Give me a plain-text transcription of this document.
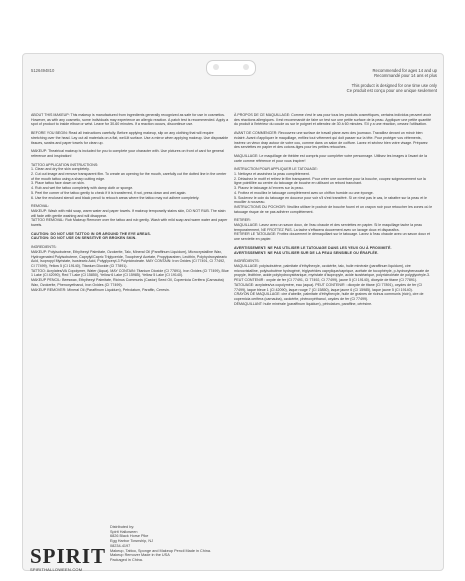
5126494810	Recommended for ages 14 and up
Recommandé pour 14 ans et plus
This product is designed for one time use only
Ce produit est conçu pour une unique seulement

ABOUT THIS MAKEUP: This makeup is manufactured from ingredients generally recognized as safe for use in cosmetics. However, as with any cosmetic, some individuals may experience an allergic reaction. A patch test is recommended. Apply a spot of product to inside elbow or wrist. Leave for 30-60 minutes. If a reaction occurs, discontinue use.

BEFORE YOU BEGIN: Read all instructions carefully. Before applying makeup, slip on any clothing that will require stretching over the head. Lay out all materials on a flat, well-lit surface. Use a mirror when applying makeup. Use disposable tissues, swabs and paper towels for clean up.

MAKEUP: Theatrical makeup is included for you to complete your character with. Use pictures on front of card for general reference and inspiration!

TATTOO APPLICATION INSTRUCTIONS:
1. Clean and dry the skin completely.
2. Cut out image and remove transparent film. To create an opening for the mouth, carefully cut the dotted line in the center of the mouth tattoo using a sharp cutting edge.
3. Place tattoo face down on skin.
4. Rub and wet the tattoo completely with damp cloth or sponge.
5. Peel the corner of the tattoo gently to check if it is transferred, if not, press down and wet again.
6. Use the enclosed stencil and black pencil to retouch areas where the tattoo may not adhere completely.

REMOVAL:
MAKEUP: Wash with mild soap, warm water and paper towels. If makeup temporarily stains skin, DO NOT RUB. The stain will fade with gentle washing and will disappear.
TATTOO REMOVAL: Rub Makeup Remover over the tattoo and rub gently. Wash with mild soap and warm water and paper towels.

CAUTION: DO NOT USE TATTOO IN OR AROUND THE EYE AREAS.
CAUTION: DO NOT USE ON SENSITIVE OR BROKEN SKIN.

INGREDIENTS:
MAKEUP: Polyisobutene, Ethylhexyl Palmitate, Ozokerite, Talc, Mineral Oil (Paraffinum Liquidum), Microcrystalline Wax, Hydrogenated Polyisobutene, Caprylyl/Capric Triglyceride, Tocopheryl Acetate, Propylparaben, Lecithin, Polyhydroxystearic Acid, Isopropyl Myristate, Isostearic Acid, Polyglyceryl-3 Polyricinoleate. MAY CONTAIN: Iron Oxides (CI 77491, CI 77492, CI 77499), Yellow 5 (CI 19140), Titanium Dioxide (CI 77891).
TATTOO: Acrylates/VA Copolymer, Water (Aqua). MAY CONTAIN: Titanium Dioxide (CI 77891), Iron Oxides (CI 77499), Blue 1 Lake (CI 42090), Red 7 Lake (CI 15850), Yellow 6 Lake (CI 15985), Yellow 5 Lake (CI 19140).
MAKEUP PENCIL: Beeswax, Ethylhexyl Palmitate, Ricinus Communis (Castor) Seed Oil, Copernicia Cerifera (Carnauba) Wax, Ozokerite, Phenoxyethanol, Iron Oxides (CI 77499).
MAKEUP REMOVER: Mineral Oil (Paraffinum Liquidum), Petrolatum, Paraffin, Ceresin.

À PROPOS DE CE MAQUILLAGE: Comme c'est le cas pour tous les produits cosmétiques, certains individus peuvent avoir des réactions allergiques. Il est recommandé de faire un test sur une petite surface de la peau. Appliquer une petite quantité du produit à l'intérieur du coude ou sur le poignet et attendez de 30 à 60 minutes. S'il y a une réaction, cessez l'utilisation.

AVANT DE COMMENCER: Recouvrez une surface de travail plane avec des journaux. Travaillez devant un miroir bien éclairé. Avant d'appliquer le maquillage, enfilez tout vêtement qui doit passer sur la tête. Pour protéger vos vêtements, insérez un vieux drap autour de votre cou, comme dans un salon de coiffure. Lavez et séchez bien votre visage. Préparez des serviettes en papier et des cotons-tiges pour les petites retouches.

MAQUILLAGE: Le maquillage de théâtre est compris pour compléter votre personnage. Utilisez les images à l'avant de la carte comme référence et pour vous inspirer!

INSTRUCTION POUR APPLIQUER LE TATOUAGE:
1. Nettoyez et asséchez la peau complètement.
2. Détachez le motif et retirez le film transparent. Pour créer une ouverture pour la bouche, coupez soigneusement sur la ligne pointillée au centre du tatouage de bouche en utilisant un rebord tranchant.
3. Placez le tatouage à l'envers sur la peau.
4. Frottez et mouillez le tatouage complètement avec un chiffon humide ou une éponge.
5. Soulevez le coin du tatouage en douceur pour voir s'il s'est transféré. Si ce n'est pas le cas, le rabattre sur la peau et le mouiller à nouveau.
INSTRUCTIONS DU POCHOIR: Veuillez utiliser le pochoir de bouche fourni et un crayon noir pour retoucher les zones où le tatouage risque de ne pas adhérer complètement.

RETIRER:
MAQUILLAGE: Lavez avec un savon doux, de l'eau chaude et des serviettes en papier. Si le maquillage tache la peau temporairement, NE FROTTEZ PAS. La tache s'effacera doucement avec un lavage doux et disparaîtra.
RETIRER LE TATOUAGE: Frottez doucement le démaquillant sur le tatouage. Lavez à l'eau chaude avec un savon doux et une serviette en papier.

AVERTISSEMENT: NE PAS UTILISER LE TATOUAGE DANS LES YEUX OU À PROXIMITÉ.
AVERTISSEMENT: NE PAS UTILISER SUR DE LA PEAU SENSIBLE OU ÉRAFLÉE.

INGRÉDIENTS:
MAQUILLAGE: polyisobutène, palmitate d'éthylhexyle, ozokérite, talc, huile minérale (paraffinum liquidum), cire microcristalline, polyisobutène hydrogéné, triglycérides caprylique/caprique, acétate de tocophéryle, p-hydroxybenzoate de propyle, lécithine, acide polyhydroxystéarique, myristate d'isopropyle, acide isostéarique, polyricinoléate de polyglycéryle-3. PEUT CONTENIR : oxyde de fer (CI 77491, CI 77492, CI 77499), jaune 5 (CI 19140), dioxyde de titane (CI 77891).
TATOUAGE: acrylates/va copolymère, eau (aqua). PEUT CONTENIR : dioxyde de titane (CI 77891), oxydes de fer (CI 77499), laque bleue 1 (CI 42090), laque rouge 7 (CI 15850), laque jaune 6 (CI 15985), laque jaune 5 (CI 19140).
CRAYON DE MAQUILLAGE: cire d'abeille, palmitate d'éthylhexyle, huile de graines de ricinus communis (ricin), cire de copernicia cerifera (carnauba), ozokérite, phénoxyéthanol, oxydes de fer (CI 77499).
DÉMAQUILLANT: huile minérale (paraffinum liquidum), pétrolatum, paraffine, cérésine.

SPIRIT
SPIRITHALLOWEEN.COM
Distributed by:
Spirit Halloween
6826 Black Horse Pike
Egg Harbor Township, NJ
08234-4197
Makeup, Tattoo, Sponge and Makeup Pencil Made in China.
Makeup Remover Made in the USA
Packaged in China.
